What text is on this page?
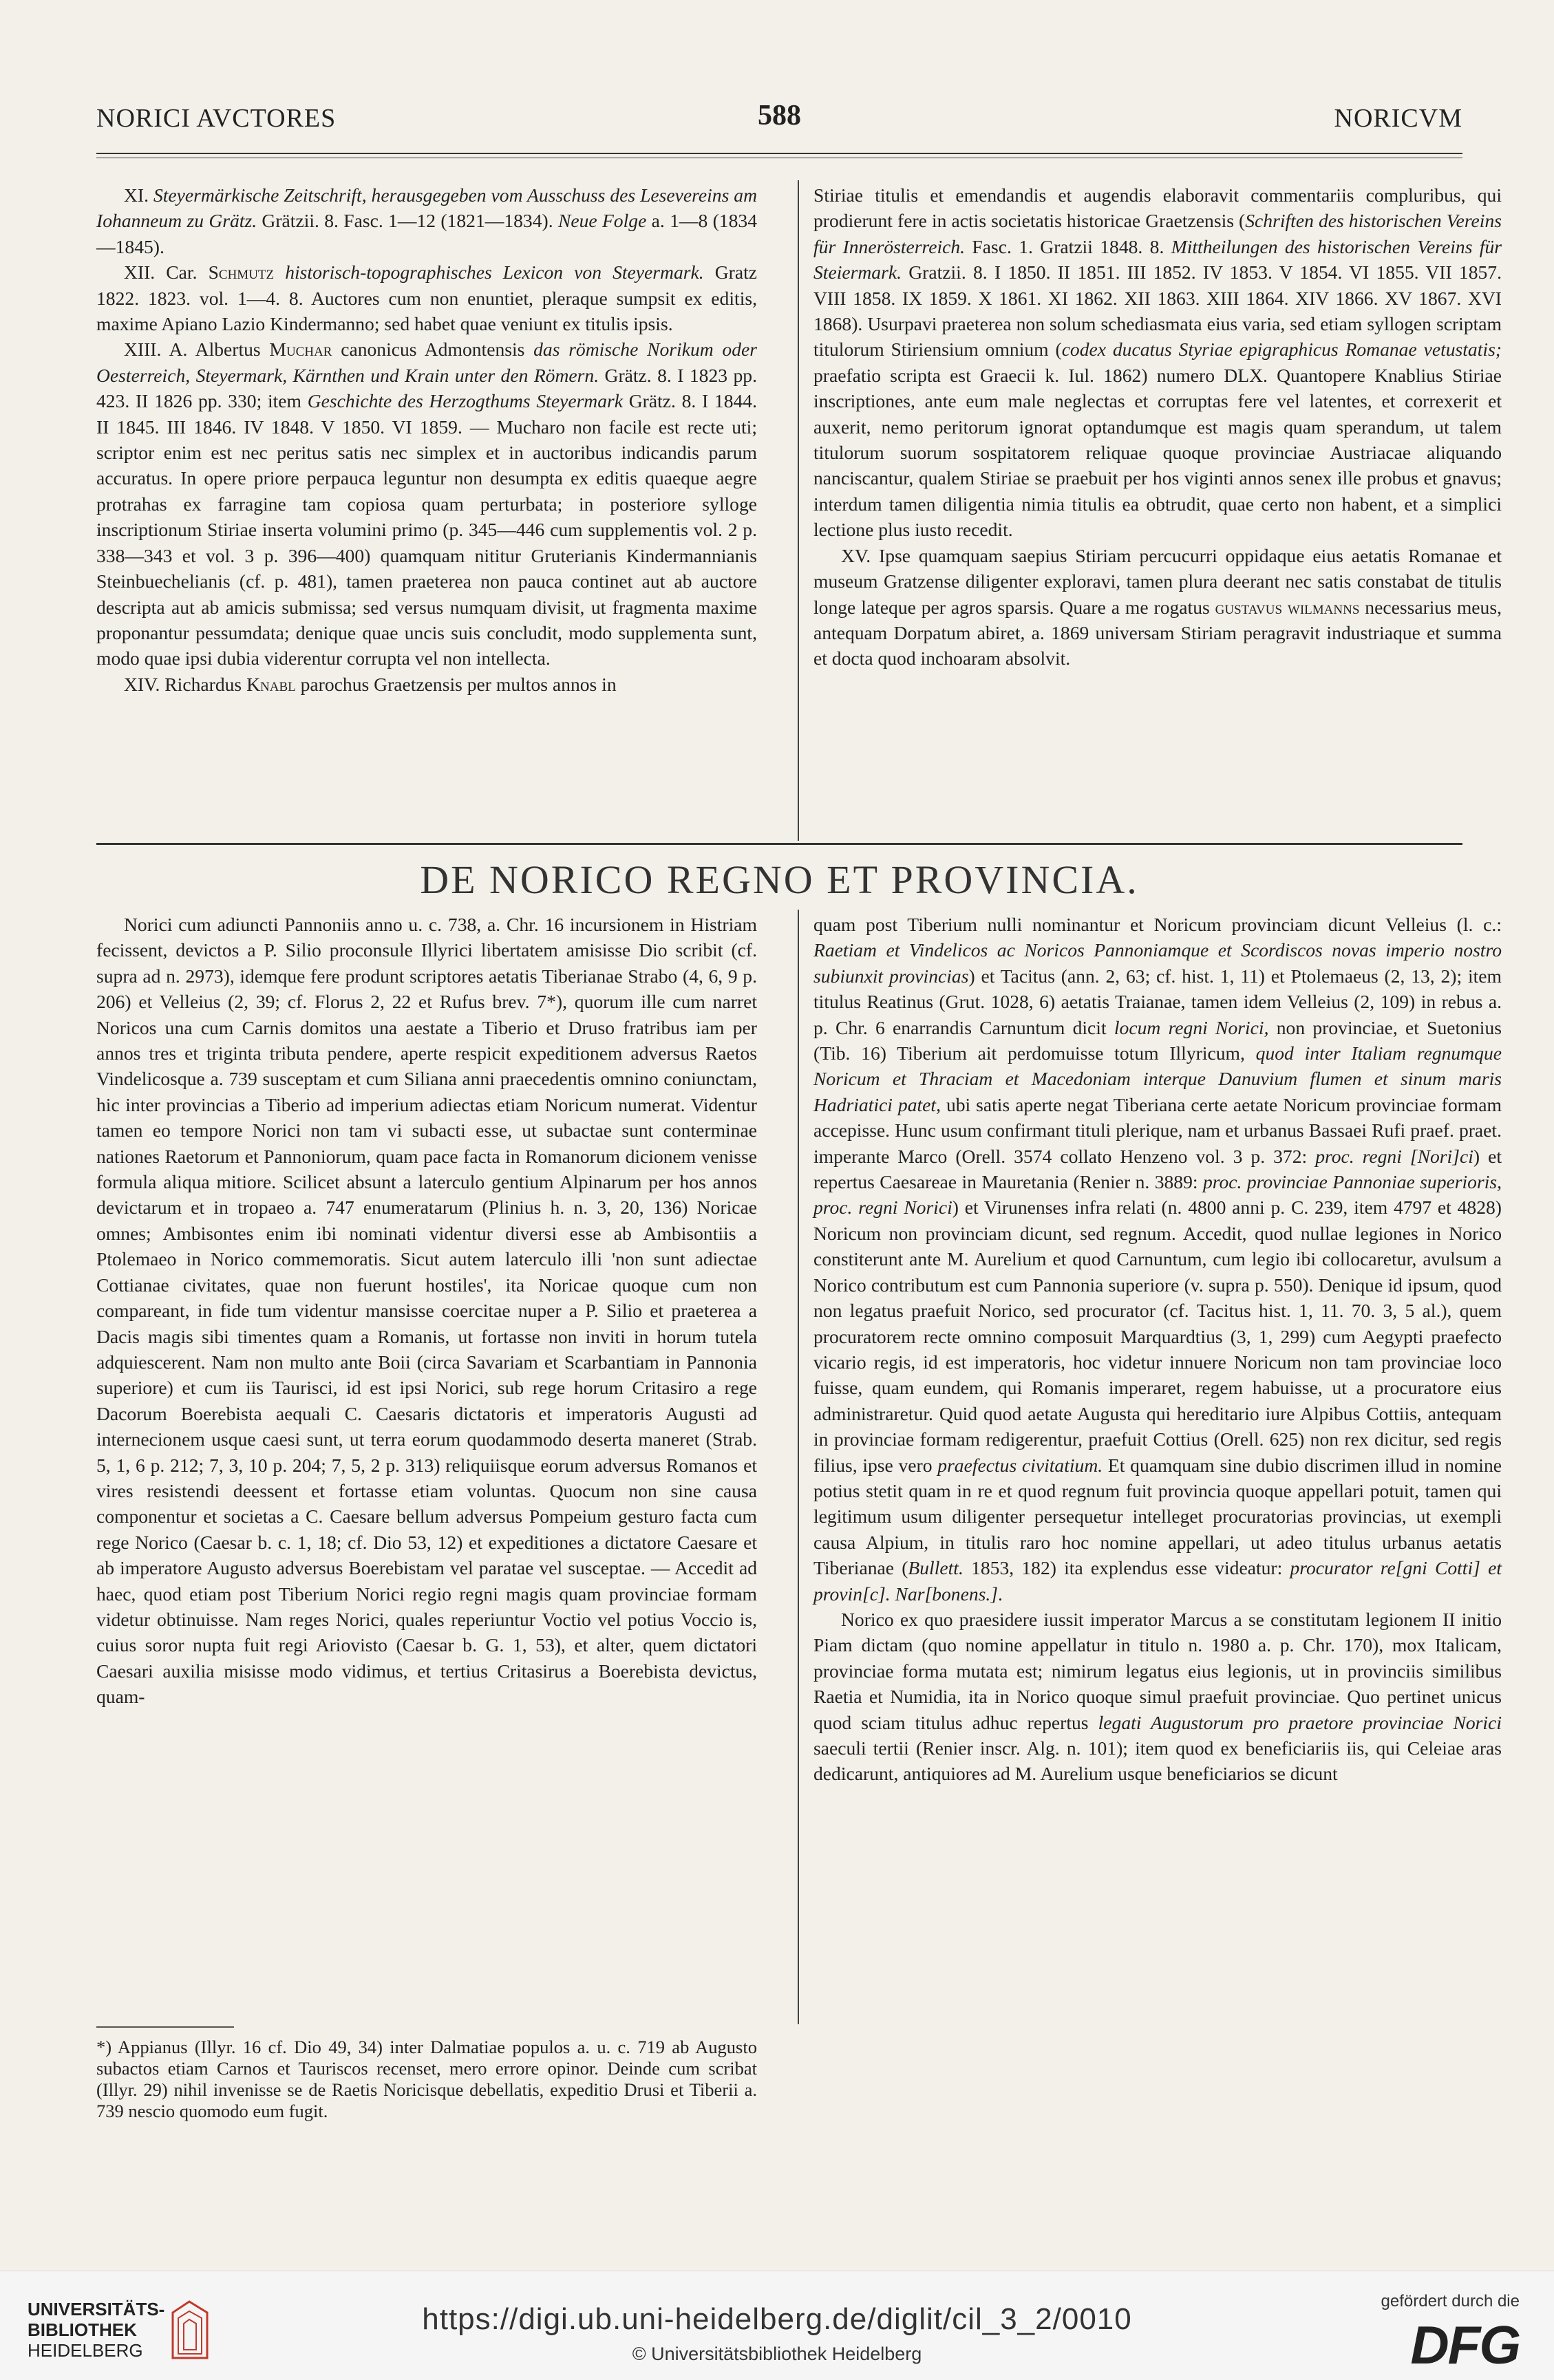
NORICI AVCTORES	588	NORICVM

XI. Steyermärkische Zeitschrift, herausgegeben vom Ausschuss des Lesevereins am Iohanneum zu Grätz. Grätzii. 8. Fasc. 1—12 (1821—1834). Neue Folge a. 1—8 (1834—1845).

XII. Car. Schmutz historisch-topographisches Lexicon von Steyermark. Gratz 1822. 1823. vol. 1—4. 8. Auctores cum non enuntiet, pleraque sumpsit ex editis, maxime Apiano Lazio Kindermanno; sed habet quae veniunt ex titulis ipsis.

XIII. A. Albertus Muchar canonicus Admontensis das römische Norikum oder Oesterreich, Steyermark, Kärnthen und Krain unter den Römern. Grätz. 8. I 1823 pp. 423. II 1826 pp. 330; item Geschichte des Herzogthums Steyermark Grätz. 8. I 1844. II 1845. III 1846. IV 1848. V 1850. VI 1859. — Mucharo non facile est recte uti; scriptor enim est nec peritus satis nec simplex et in auctoribus indicandis parum accuratus. In opere priore perpauca leguntur non desumpta ex editis quaeque aegre protrahas ex farragine tam copiosa quam perturbata; in posteriore sylloge inscriptionum Stiriae inserta volumini primo (p. 345—446 cum supplementis vol. 2 p. 338—343 et vol. 3 p. 396—400) quamquam nititur Gruterianis Kindermannianis Steinbuechelianis (cf. p. 481), tamen praeterea non pauca continet aut ab auctore descripta aut ab amicis submissa; sed versus numquam divisit, ut fragmenta maxime proponantur pessumdata; denique quae uncis suis concludit, modo supplementa sunt, modo quae ipsi dubia viderentur corrupta vel non intellecta.

XIV. Richardus Knabl parochus Graetzensis per multos annos in

Stiriae titulis et emendandis et augendis elaboravit commentariis compluribus, qui prodierunt fere in actis societatis historicae Graetzensis (Schriften des historischen Vereins für Innerösterreich. Fasc. 1. Gratzii 1848. 8. Mittheilungen des historischen Vereins für Steiermark. Gratzii. 8. I 1850. II 1851. III 1852. IV 1853. V 1854. VI 1855. VII 1857. VIII 1858. IX 1859. X 1861. XI 1862. XII 1863. XIII 1864. XIV 1866. XV 1867. XVI 1868). Usurpavi praeterea non solum schediasmata eius varia, sed etiam syllogen scriptam titulorum Stiriensium omnium (codex ducatus Styriae epigraphicus Romanae vetustatis; praefatio scripta est Graecii k. Iul. 1862) numero DLX. Quantopere Knablius Stiriae inscriptiones, ante eum male neglectas et corruptas fere vel latentes, et correxerit et auxerit, nemo peritorum ignorat optandumque est magis quam sperandum, ut talem titulorum suorum sospitatorem reliquae quoque provinciae Austriacae aliquando nanciscantur, qualem Stiriae se praebuit per hos viginti annos senex ille probus et gnavus; interdum tamen diligentia nimia titulis ea obtrudit, quae certo non habent, et a simplici lectione plus iusto recedit.

XV. Ipse quamquam saepius Stiriam percucurri oppidaque eius aetatis Romanae et museum Gratzense diligenter exploravi, tamen plura deerant nec satis constabat de titulis longe lateque per agros sparsis. Quare a me rogatus gustavus wilmanns necessarius meus, antequam Dorpatum abiret, a. 1869 universam Stiriam peragravit industriaque et summa et docta quod inchoaram absolvit.

DE NORICO REGNO ET PROVINCIA.

Norici cum adiuncti Pannoniis anno u. c. 738, a. Chr. 16 incursionem in Histriam fecissent, devictos a P. Silio proconsule Illyrici libertatem amisisse Dio scribit (cf. supra ad n. 2973), idemque fere produnt scriptores aetatis Tiberianae Strabo (4, 6, 9 p. 206) et Velleius (2, 39; cf. Florus 2, 22 et Rufus brev. 7*), quorum ille cum narret Noricos una cum Carnis domitos una aestate a Tiberio et Druso fratribus iam per annos tres et triginta tributa pendere, aperte respicit expeditionem adversus Raetos Vindelicosque a. 739 susceptam et cum Siliana anni praecedentis omnino coniunctam, hic inter provincias a Tiberio ad imperium adiectas etiam Noricum numerat. Videntur tamen eo tempore Norici non tam vi subacti esse, ut subactae sunt conterminae nationes Raetorum et Pannoniorum, quam pace facta in Romanorum dicionem venisse formula aliqua mitiore. Scilicet absunt a laterculo gentium Alpinarum per hos annos devictarum et in tropaeo a. 747 enumeratarum (Plinius h. n. 3, 20, 136) Noricae omnes; Ambisontes enim ibi nominati videntur diversi esse ab Ambisontiis a Ptolemaeo in Norico commemoratis. Sicut autem laterculo illi 'non sunt adiectae Cottianae civitates, quae non fuerunt hostiles', ita Noricae quoque cum non compareant, in fide tum videntur mansisse coercitae nuper a P. Silio et praeterea a Dacis magis sibi timentes quam a Romanis, ut fortasse non inviti in horum tutela adquiescerent. Nam non multo ante Boii (circa Savariam et Scarbantiam in Pannonia superiore) et cum iis Taurisci, id est ipsi Norici, sub rege horum Critasiro a rege Dacorum Boerebista aequali C. Caesaris dictatoris et imperatoris Augusti ad internecionem usque caesi sunt, ut terra eorum quodammodo deserta maneret (Strab. 5, 1, 6 p. 212; 7, 3, 10 p. 204; 7, 5, 2 p. 313) reliquiisque eorum adversus Romanos et vires resistendi deessent et fortasse etiam voluntas. Quocum non sine causa componentur et societas a C. Caesare bellum adversus Pompeium gesturo facta cum rege Norico (Caesar b. c. 1, 18; cf. Dio 53, 12) et expeditiones a dictatore Caesare et ab imperatore Augusto adversus Boerebistam vel paratae vel susceptae. — Accedit ad haec, quod etiam post Tiberium Norici regio regni magis quam provinciae formam videtur obtinuisse. Nam reges Norici, quales reperiuntur Voctio vel potius Voccio is, cuius soror nupta fuit regi Ariovisto (Caesar b. G. 1, 53), et alter, quem dictatori Caesari auxilia misisse modo vidimus, et tertius Critasirus a Boerebista devictus, quam-

quam post Tiberium nulli nominantur et Noricum provinciam dicunt Velleius (l. c.: Raetiam et Vindelicos ac Noricos Pannoniamque et Scordiscos novas imperio nostro subiunxit provincias) et Tacitus (ann. 2, 63; cf. hist. 1, 11) et Ptolemaeus (2, 13, 2); item titulus Reatinus (Grut. 1028, 6) aetatis Traianae, tamen idem Velleius (2, 109) in rebus a. p. Chr. 6 enarrandis Carnuntum dicit locum regni Norici, non provinciae, et Suetonius (Tib. 16) Tiberium ait perdomuisse totum Illyricum, quod inter Italiam regnumque Noricum et Thraciam et Macedoniam interque Danuvium flumen et sinum maris Hadriatici patet, ubi satis aperte negat Tiberiana certe aetate Noricum provinciae formam accepisse. Hunc usum confirmant tituli plerique, nam et urbanus Bassaei Rufi praef. praet. imperante Marco (Orell. 3574 collato Henzeno vol. 3 p. 372: proc. regni [Nori]ci) et repertus Caesareae in Mauretania (Renier n. 3889: proc. provinciae Pannoniae superioris, proc. regni Norici) et Virunenses infra relati (n. 4800 anni p. C. 239, item 4797 et 4828) Noricum non provinciam dicunt, sed regnum. Accedit, quod nullae legiones in Norico constiterunt ante M. Aurelium et quod Carnuntum, cum legio ibi collocaretur, avulsum a Norico contributum est cum Pannonia superiore (v. supra p. 550). Denique id ipsum, quod non legatus praefuit Norico, sed procurator (cf. Tacitus hist. 1, 11. 70. 3, 5 al.), quem procuratorem recte omnino composuit Marquardtius (3, 1, 299) cum Aegypti praefecto vicario regis, id est imperatoris, hoc videtur innuere Noricum non tam provinciae loco fuisse, quam eundem, qui Romanis imperaret, regem habuisse, ut a procuratore eius administraretur. Quid quod aetate Augusta qui hereditario iure Alpibus Cottiis, antequam in provinciae formam redigerentur, praefuit Cottius (Orell. 625) non rex dicitur, sed regis filius, ipse vero praefectus civitatium. Et quamquam sine dubio discrimen illud in nomine potius stetit quam in re et quod regnum fuit provincia quoque appellari potuit, tamen qui legitimum usum diligenter persequetur intelleget procuratorias provincias, ut exempli causa Alpium, in titulis raro hoc nomine appellari, ut adeo titulus urbanus aetatis Tiberianae (Bullett. 1853, 182) ita explendus esse videatur: procurator re[gni Cotti] et provin[c]. Nar[bonens.].

Norico ex quo praesidere iussit imperator Marcus a se constitutam legionem II initio Piam dictam (quo nomine appellatur in titulo n. 1980 a. p. Chr. 170), mox Italicam, provinciae forma mutata est; nimirum legatus eius legionis, ut in provinciis similibus Raetia et Numidia, ita in Norico quoque simul praefuit provinciae. Quo pertinet unicus quod sciam titulus adhuc repertus legati Augustorum pro praetore provinciae Norici saeculi tertii (Renier inscr. Alg. n. 101); item quod ex beneficiariis iis, qui Celeiae aras dedicarunt, antiquiores ad M. Aurelium usque beneficiarios se dicunt

*) Appianus (Illyr. 16 cf. Dio 49, 34) inter Dalmatiae populos a. u. c. 719 ab Augusto subactos etiam Carnos et Tauriscos recenset, mero errore opinor. Deinde cum scribat (Illyr. 29) nihil invenisse se de Raetis Noricisque debellatis, expeditio Drusi et Tiberii a. 739 nescio quomodo eum fugit.
UNIVERSITÄTS-
BIBLIOTHEK
HEIDELBERG
https://digi.ub.uni-heidelberg.de/diglit/cil_3_2/0010
© Universitätsbibliothek Heidelberg
gefördert durch die
DFG
